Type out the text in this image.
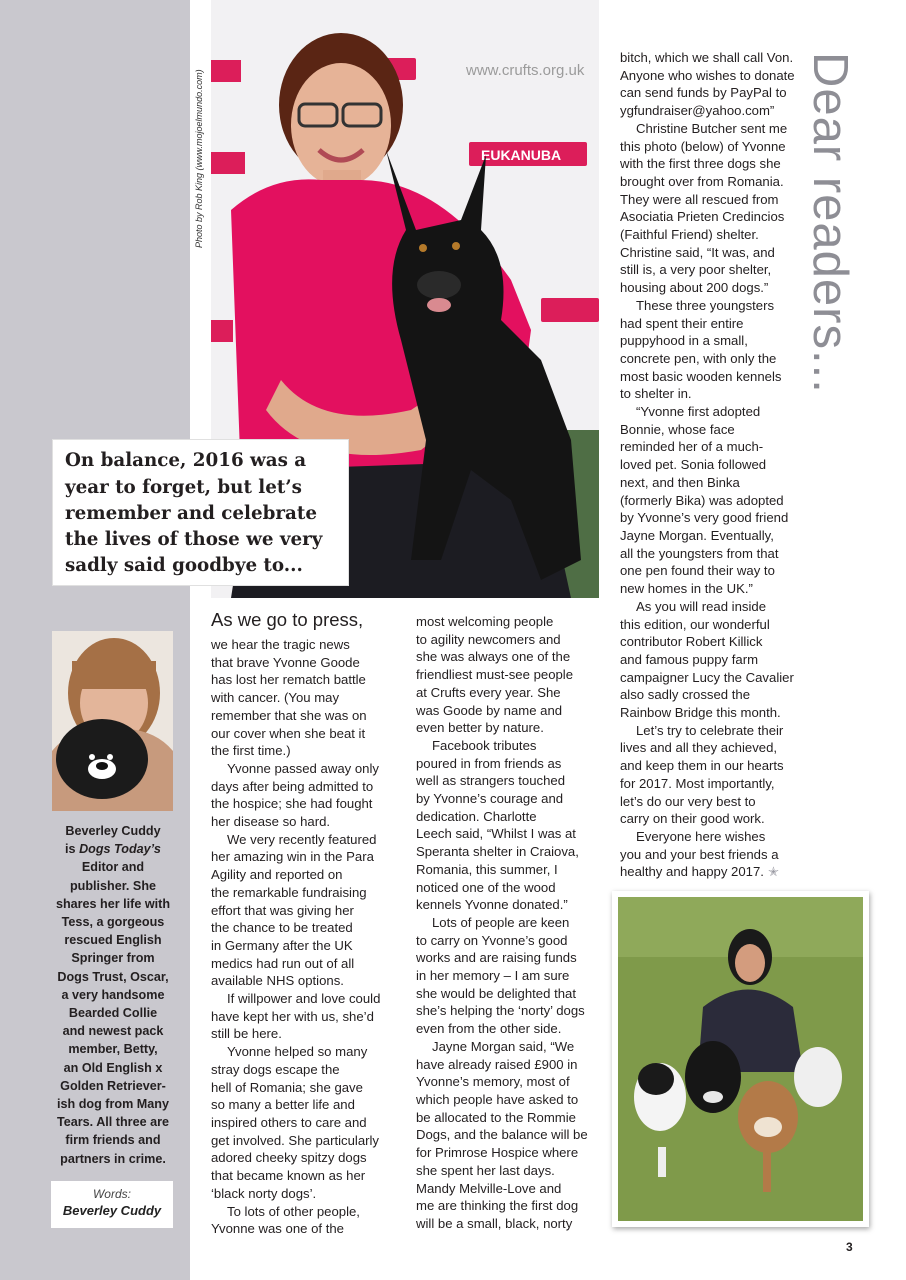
EUKANUBA
www.crufts.org.uk
Photo by Rob King (www.mojoelmundo.com)
On balance, 2016 was a
year to forget, but let’s
remember and celebrate
the lives of those we very
sadly said goodbye to...
Dear readers...
Beverley Cuddy
is Dogs Today’s
Editor and
publisher. She
shares her life with
Tess, a gorgeous
rescued English
Springer from
Dogs Trust, Oscar,
a very handsome
Bearded Collie
and newest pack
member, Betty,
an Old English x
Golden Retriever-
ish dog from Many
Tears. All three are
firm friends and
partners in crime.
Words:
Beverley Cuddy
As we go to press,
we hear the tragic news
that brave Yvonne Goode
has lost her rematch battle
with cancer. (You may
remember that she was on
our cover when she beat it
the first time.)
Yvonne passed away only
days after being admitted to
the hospice; she had fought
her disease so hard.
We very recently featured
her amazing win in the Para
Agility and reported on
the remarkable fundraising
effort that was giving her
the chance to be treated
in Germany after the UK
medics had run out of all
available NHS options.
If willpower and love could
have kept her with us, she’d
still be here.
Yvonne helped so many
stray dogs escape the
hell of Romania; she gave
so many a better life and
inspired others to care and
get involved. She particularly
adored cheeky spitzy dogs
that became known as her
‘black norty dogs’.
To lots of other people,
Yvonne was one of the
most welcoming people
to agility newcomers and
she was always one of the
friendliest must-see people
at Crufts every year. She
was Goode by name and
even better by nature.
Facebook tributes
poured in from friends as
well as strangers touched
by Yvonne’s courage and
dedication. Charlotte
Leech said, “Whilst I was at
Speranta shelter in Craiova,
Romania, this summer, I
noticed one of the wood
kennels Yvonne donated.”
Lots of people are keen
to carry on Yvonne’s good
works and are raising funds
in her memory – I am sure
she would be delighted that
she’s helping the ‘norty’ dogs
even from the other side.
Jayne Morgan said, “We
have already raised £900 in
Yvonne’s memory, most of
which people have asked to
be allocated to the Rommie
Dogs, and the balance will be
for Primrose Hospice where
she spent her last days.
Mandy Melville-Love and
me are thinking the first dog
will be a small, black, norty
bitch, which we shall call Von.
Anyone who wishes to donate
can send funds by PayPal to
ygfundraiser@yahoo.com”
Christine Butcher sent me
this photo (below) of Yvonne
with the first three dogs she
brought over from Romania.
They were all rescued from
Asociatia Prieten Credincios
(Faithful Friend) shelter.
Christine said, “It was, and
still is, a very poor shelter,
housing about 200 dogs.”
These three youngsters
had spent their entire
puppyhood in a small,
concrete pen, with only the
most basic wooden kennels
to shelter in.
“Yvonne first adopted
Bonnie, whose face
reminded her of a much-
loved pet. Sonia followed
next, and then Binka
(formerly Bika) was adopted
by Yvonne’s very good friend
Jayne Morgan. Eventually,
all the youngsters from that
one pen found their way to
new homes in the UK.”
As you will read inside
this edition, our wonderful
contributor Robert Killick
and famous puppy farm
campaigner Lucy the Cavalier
also sadly crossed the
Rainbow Bridge this month.
Let’s try to celebrate their
lives and all they achieved,
and keep them in our hearts
for 2017. Most importantly,
let’s do our very best to
carry on their good work.
Everyone here wishes
you and your best friends a
healthy and happy 2017. ✭
3
